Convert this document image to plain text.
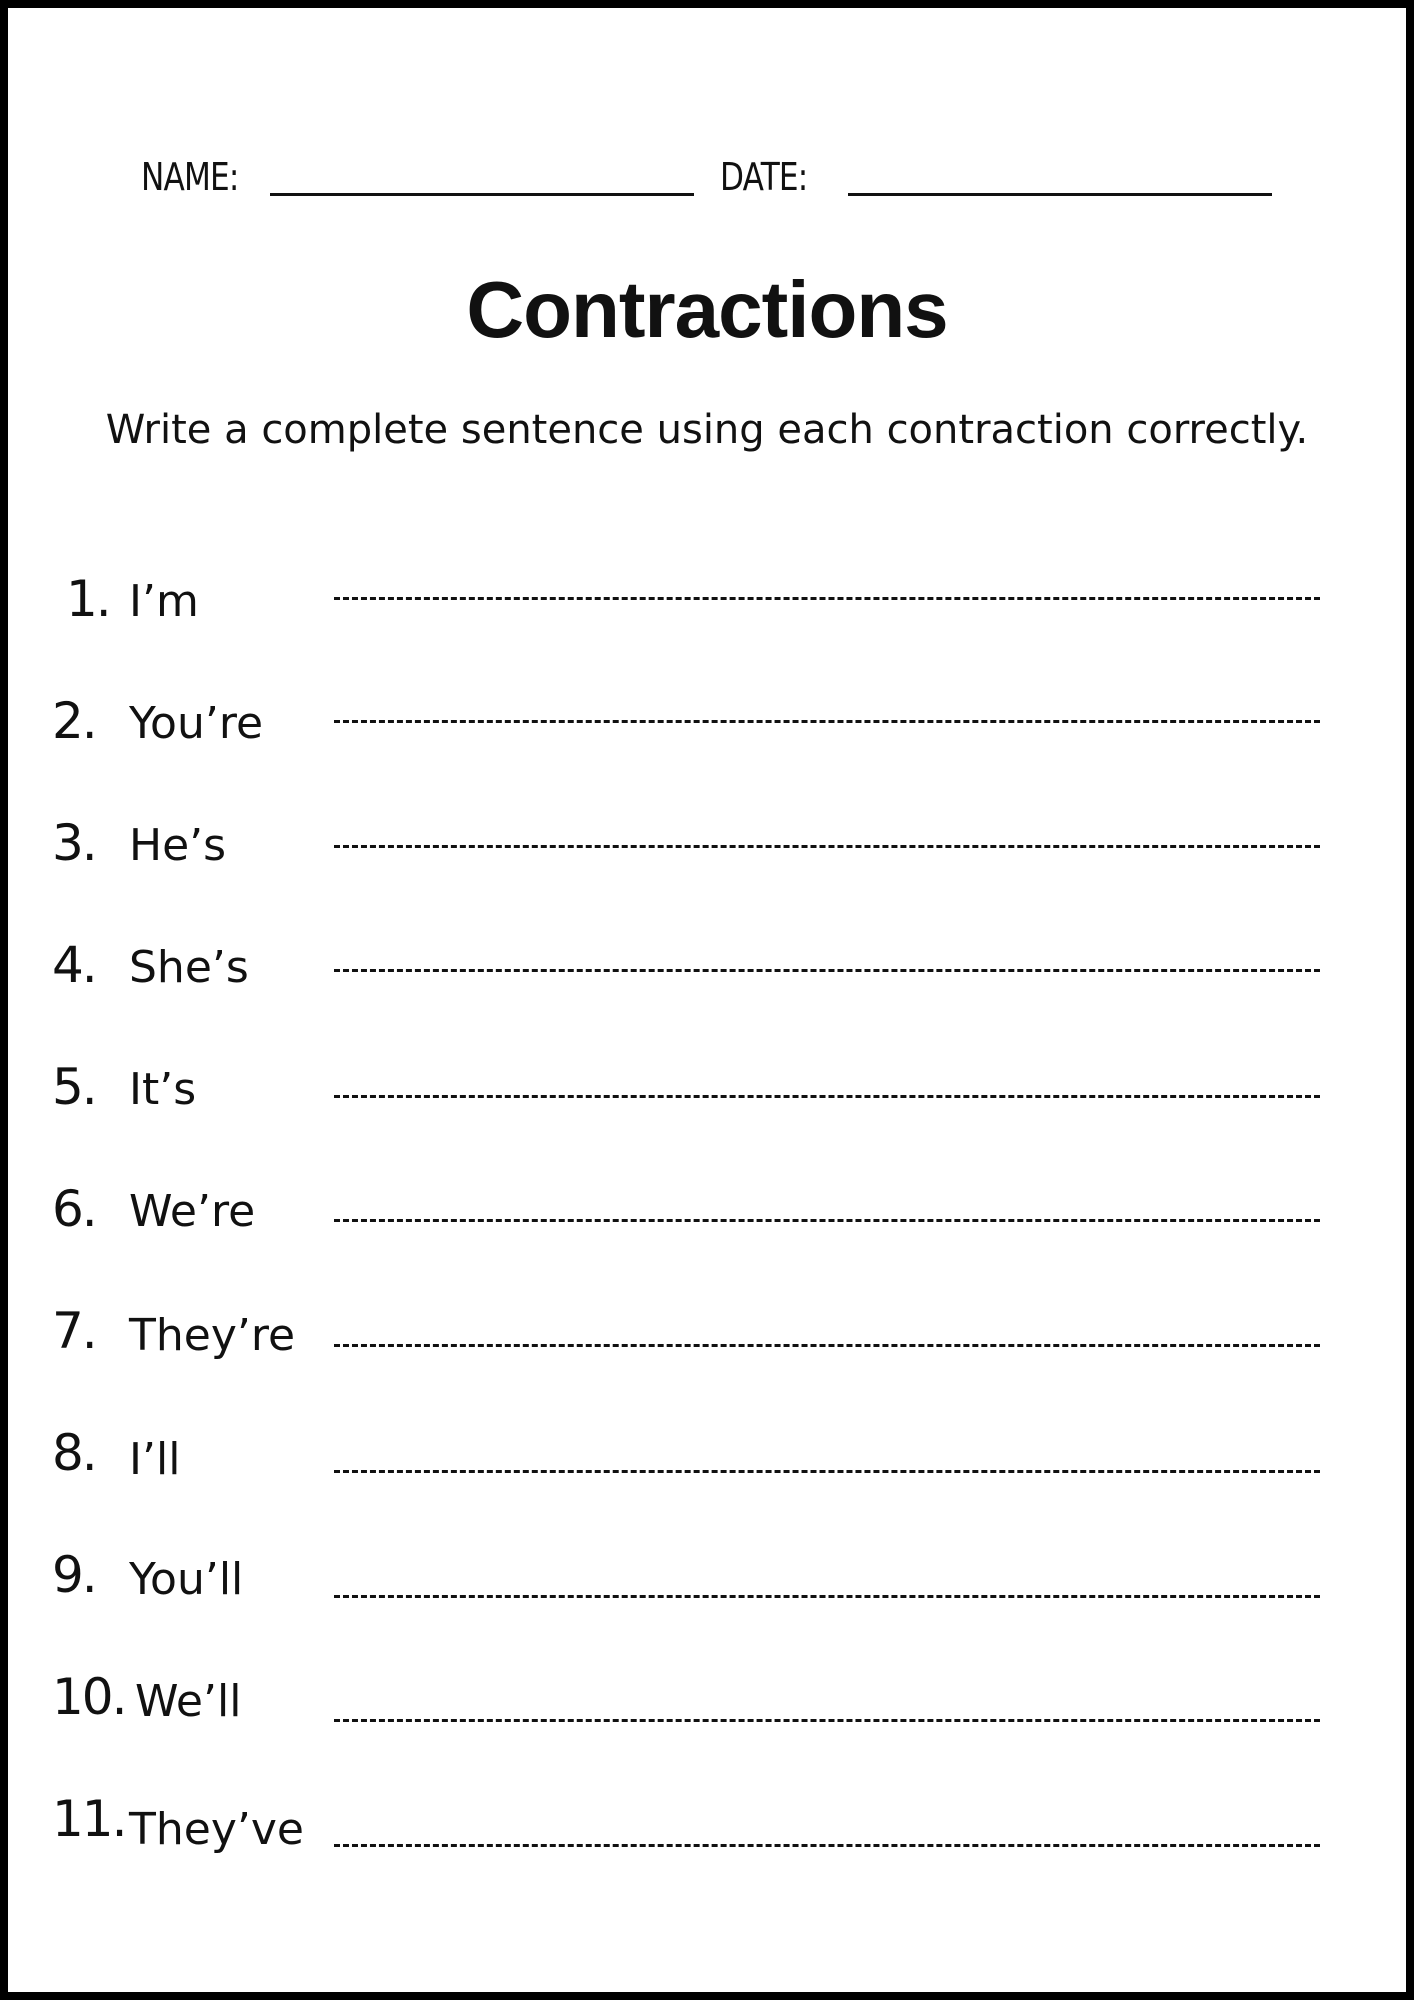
NAME:	DATE:
Contractions
Write a complete sentence using each contraction correctly.
1. I’m
2. You’re
3. He’s
4. She’s
5. It’s
6. We’re
7. They’re
8. I’ll
9. You’ll
10. We’ll
11. They’ve
